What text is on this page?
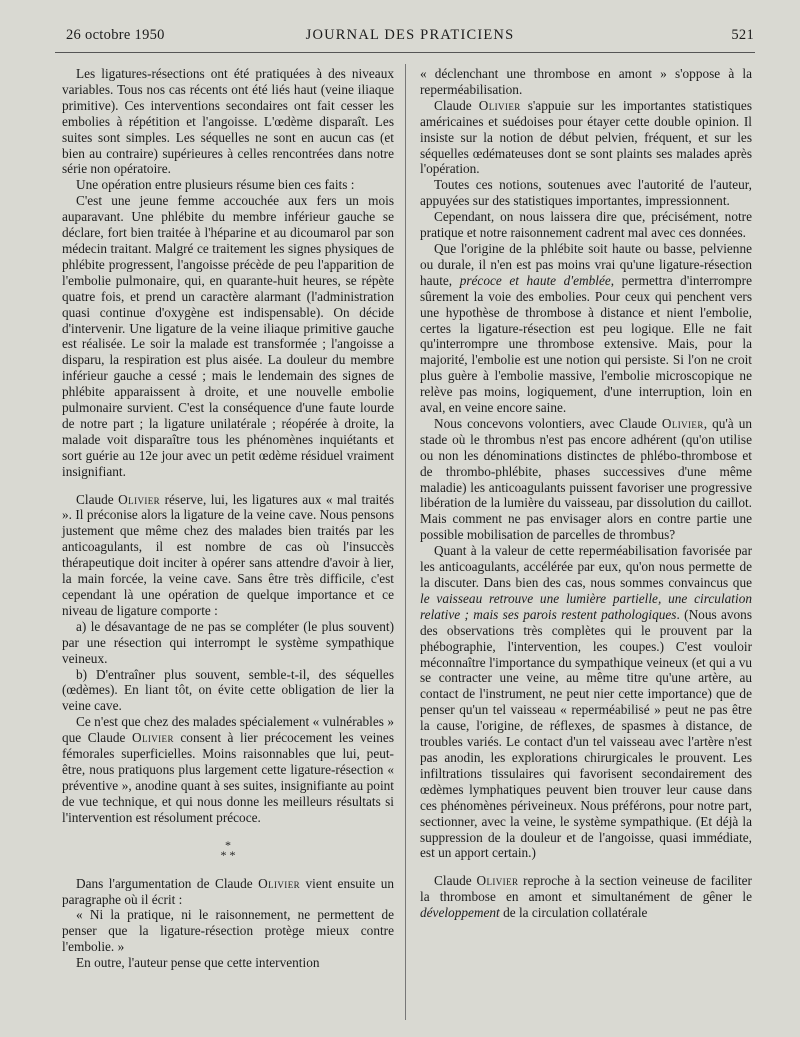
26 octobre 1950	JOURNAL DES PRATICIENS	521

Les ligatures-résections ont été pratiquées à des niveaux variables. Tous nos cas récents ont été liés haut (veine iliaque primitive). Ces interventions secondaires ont fait cesser les embolies à répétition et l'angoisse. L'œdème disparaît. Les suites sont simples. Les séquelles ne sont en aucun cas (et bien au contraire) supérieures à celles rencontrées dans notre série non opératoire.

Une opération entre plusieurs résume bien ces faits :

C'est une jeune femme accouchée aux fers un mois auparavant. Une phlébite du membre inférieur gauche se déclare, fort bien traitée à l'héparine et au dicoumarol par son médecin traitant. Malgré ce traitement les signes physiques de phlébite progressent, l'angoisse précède de peu l'apparition de l'embolie pulmonaire, qui, en quarante-huit heures, se répète quatre fois, et prend un caractère alarmant (l'administration quasi continue d'oxygène est indispensable). On décide d'intervenir. Une ligature de la veine iliaque primitive gauche est réalisée. Le soir la malade est transformée ; l'angoisse a disparu, la respiration est plus aisée. La douleur du membre inférieur gauche a cessé ; mais le lendemain des signes de phlébite apparaissent à droite, et une nouvelle embolie pulmonaire survient. C'est la conséquence d'une faute lourde de notre part ; la ligature unilatérale ; réopérée à droite, la malade voit disparaître tous les phénomènes inquiétants et sort guérie au 12e jour avec un petit œdème résiduel vraiment insignifiant.

Claude Olivier réserve, lui, les ligatures aux « mal traités ». Il préconise alors la ligature de la veine cave. Nous pensons justement que même chez des malades bien traités par les anticoagulants, il est nombre de cas où l'insuccès thérapeutique doit inciter à opérer sans attendre d'avoir à lier, la main forcée, la veine cave. Sans être très difficile, c'est cependant là une opération de quelque importance et ce niveau de ligature comporte :

a) le désavantage de ne pas se compléter (le plus souvent) par une résection qui interrompt le système sympathique veineux.

b) D'entraîner plus souvent, semble-t-il, des séquelles (œdèmes). En liant tôt, on évite cette obligation de lier la veine cave.

Ce n'est que chez des malades spécialement « vulnérables » que Claude Olivier consent à lier précocement les veines fémorales superficielles. Moins raisonnables que lui, peut-être, nous pratiquons plus largement cette ligature-résection « préventive », anodine quant à ses suites, insignifiante au point de vue technique, et qui nous donne les meilleurs résultats si l'intervention est résolument précoce.

*
* *

Dans l'argumentation de Claude Olivier vient ensuite un paragraphe où il écrit :

« Ni la pratique, ni le raisonnement, ne permettent de penser que la ligature-résection protège mieux contre l'embolie. »

En outre, l'auteur pense que cette intervention

« déclenchant une thrombose en amont » s'oppose à la reperméabilisation.

Claude Olivier s'appuie sur les importantes statistiques américaines et suédoises pour étayer cette double opinion. Il insiste sur la notion de début pelvien, fréquent, et sur les séquelles œdémateuses dont se sont plaints ses malades après l'opération.

Toutes ces notions, soutenues avec l'autorité de l'auteur, appuyées sur des statistiques importantes, impressionnent.

Cependant, on nous laissera dire que, précisément, notre pratique et notre raisonnement cadrent mal avec ces données.

Que l'origine de la phlébite soit haute ou basse, pelvienne ou durale, il n'en est pas moins vrai qu'une ligature-résection haute, précoce et haute d'emblée, permettra d'interrompre sûrement la voie des embolies. Pour ceux qui penchent vers une hypothèse de thrombose à distance et nient l'embolie, certes la ligature-résection est peu logique. Elle ne fait qu'interrompre une thrombose extensive. Mais, pour la majorité, l'embolie est une notion qui persiste. Si l'on ne croit plus guère à l'embolie massive, l'embolie microscopique ne relève pas moins, logiquement, d'une interruption, loin en aval, en veine encore saine.

Nous concevons volontiers, avec Claude Olivier, qu'à un stade où le thrombus n'est pas encore adhérent (qu'on utilise ou non les dénominations distinctes de phlébo-thrombose et de thrombo-phlébite, phases successives d'une même maladie) les anticoagulants puissent favoriser une progressive libération de la lumière du vaisseau, par dissolution du caillot. Mais comment ne pas envisager alors en contre partie une possible mobilisation de parcelles de thrombus?

Quant à la valeur de cette reperméabilisation favorisée par les anticoagulants, accélérée par eux, qu'on nous permette de la discuter. Dans bien des cas, nous sommes convaincus que le vaisseau retrouve une lumière partielle, une circulation relative ; mais ses parois restent pathologiques. (Nous avons des observations très complètes qui le prouvent par la phébographie, l'intervention, les coupes.) C'est vouloir méconnaître l'importance du sympathique veineux (et qui a vu se contracter une veine, au même titre qu'une artère, au contact de l'instrument, ne peut nier cette importance) que de penser qu'un tel vaisseau « reperméabilisé » peut ne pas être la cause, l'origine, de réflexes, de spasmes à distance, de troubles variés. Le contact d'un tel vaisseau avec l'artère n'est pas anodin, les explorations chirurgicales le prouvent. Les infiltrations tissulaires qui favorisent secondairement des œdèmes lymphatiques peuvent bien trouver leur cause dans ces phénomènes périveineux. Nous préférons, pour notre part, sectionner, avec la veine, le système sympathique. (Et déjà la suppression de la douleur et de l'angoisse, quasi immédiate, est un apport certain.)

Claude Olivier reproche à la section veineuse de faciliter la thrombose en amont et simultanément de gêner le développement de la circulation collatérale
